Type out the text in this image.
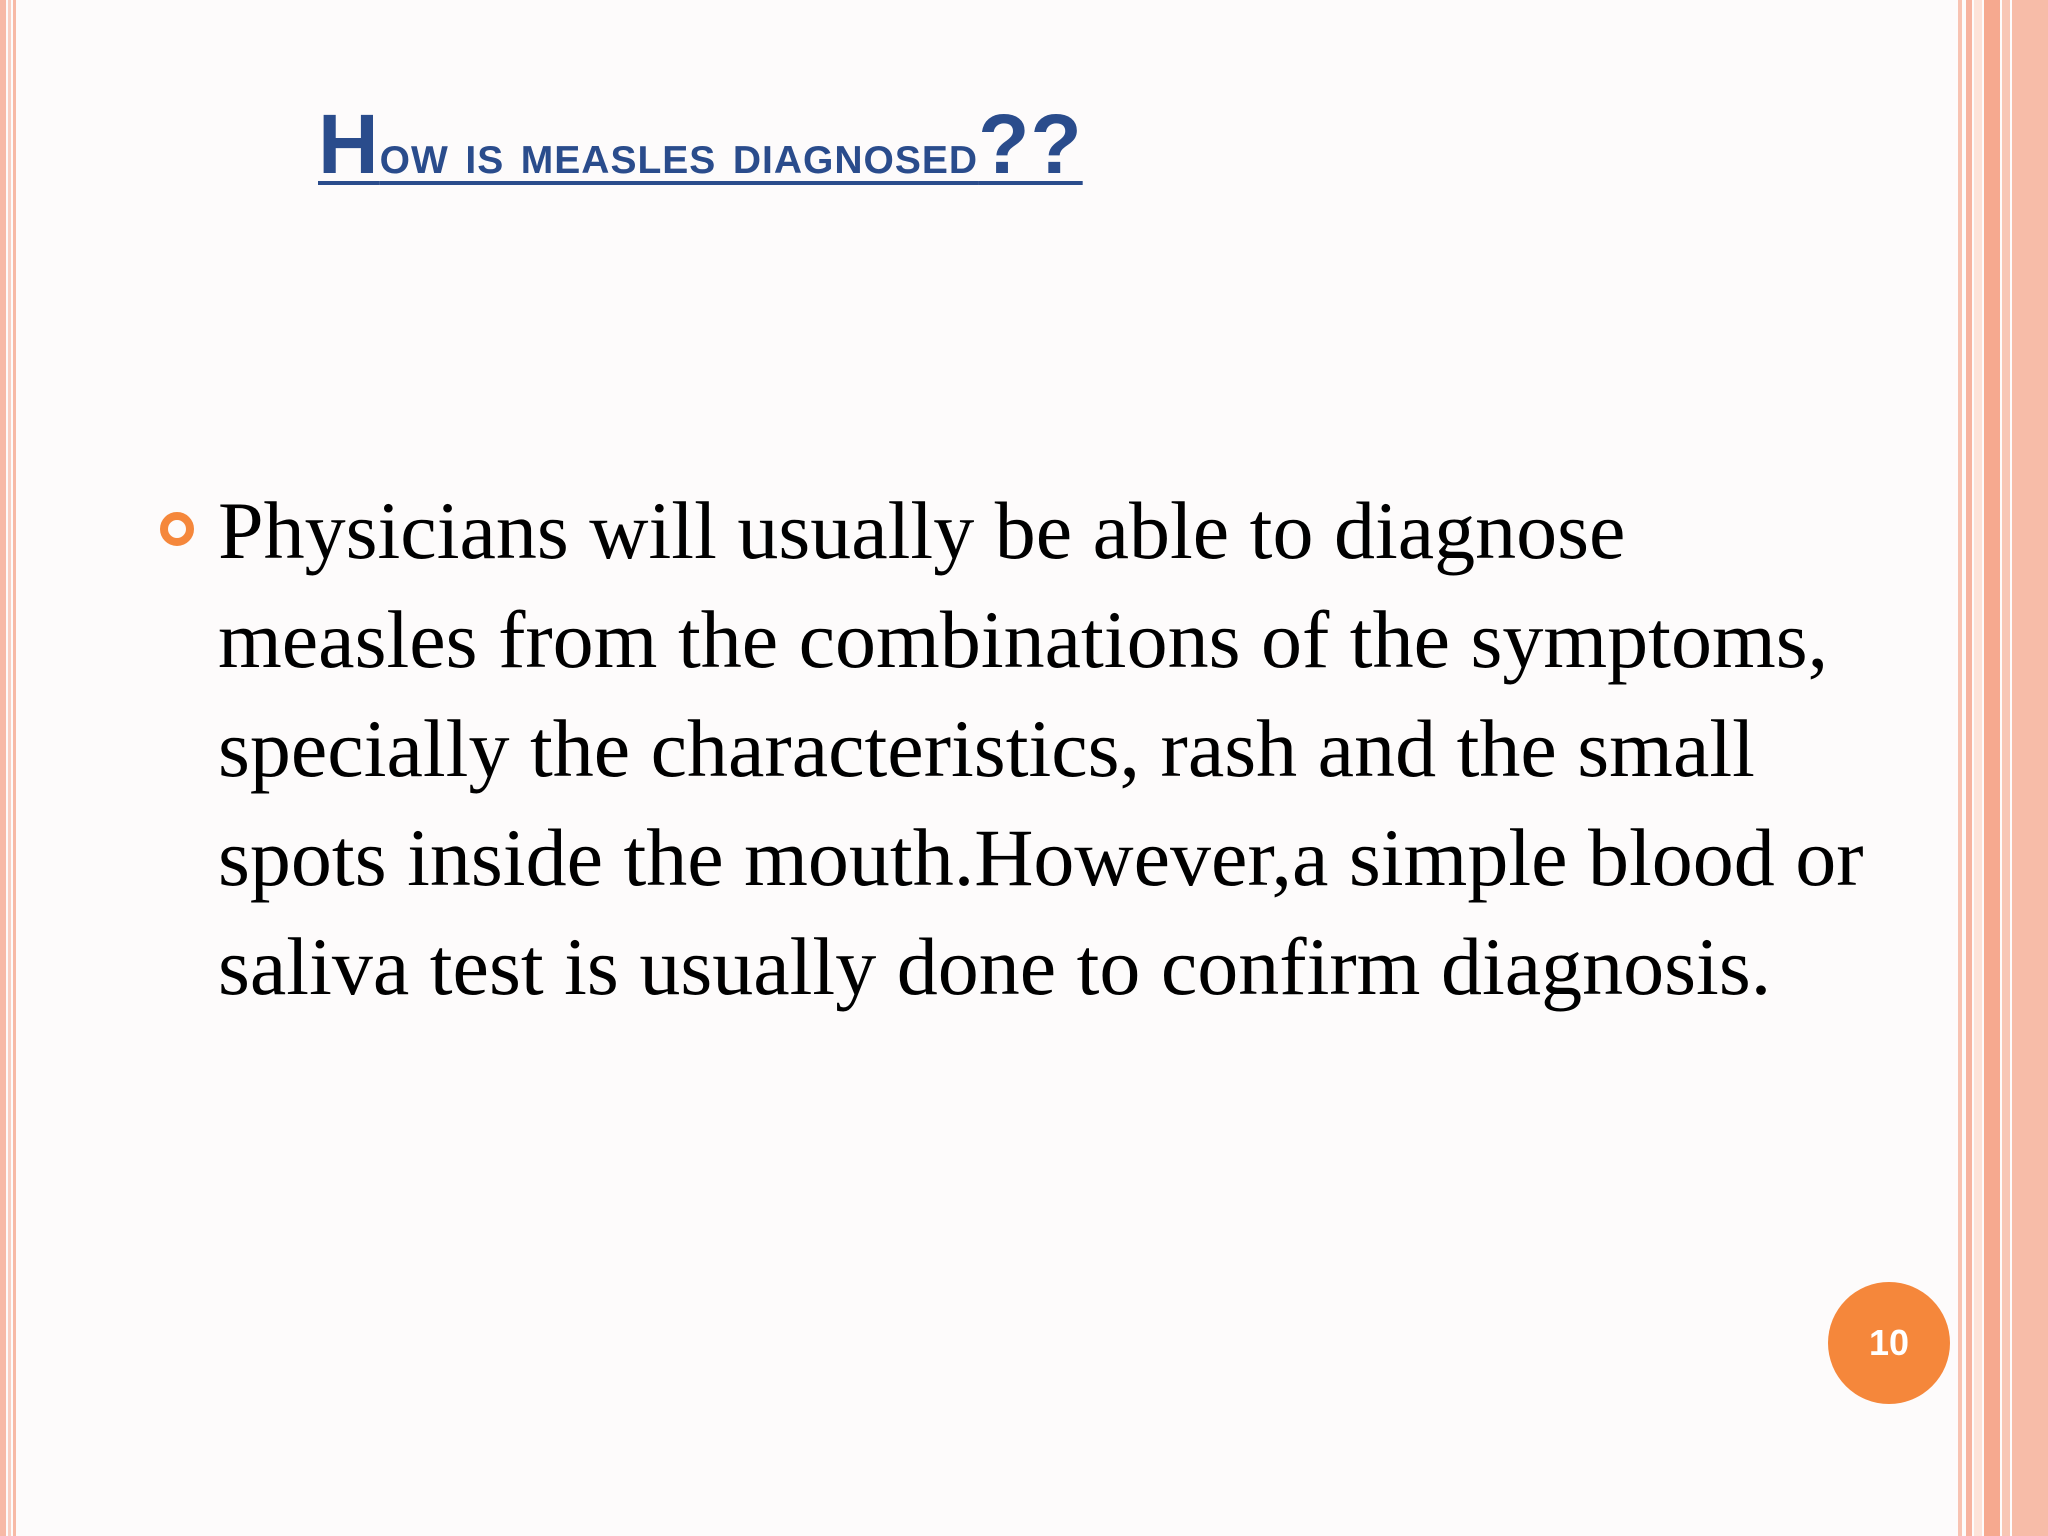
How is measles diagnosed??
Physicians will usually be able to diagnose measles from the combinations of the symptoms, specially the characteristics, rash and the small spots inside the mouth.However,a simple blood or saliva test is usually done to confirm diagnosis.
10
